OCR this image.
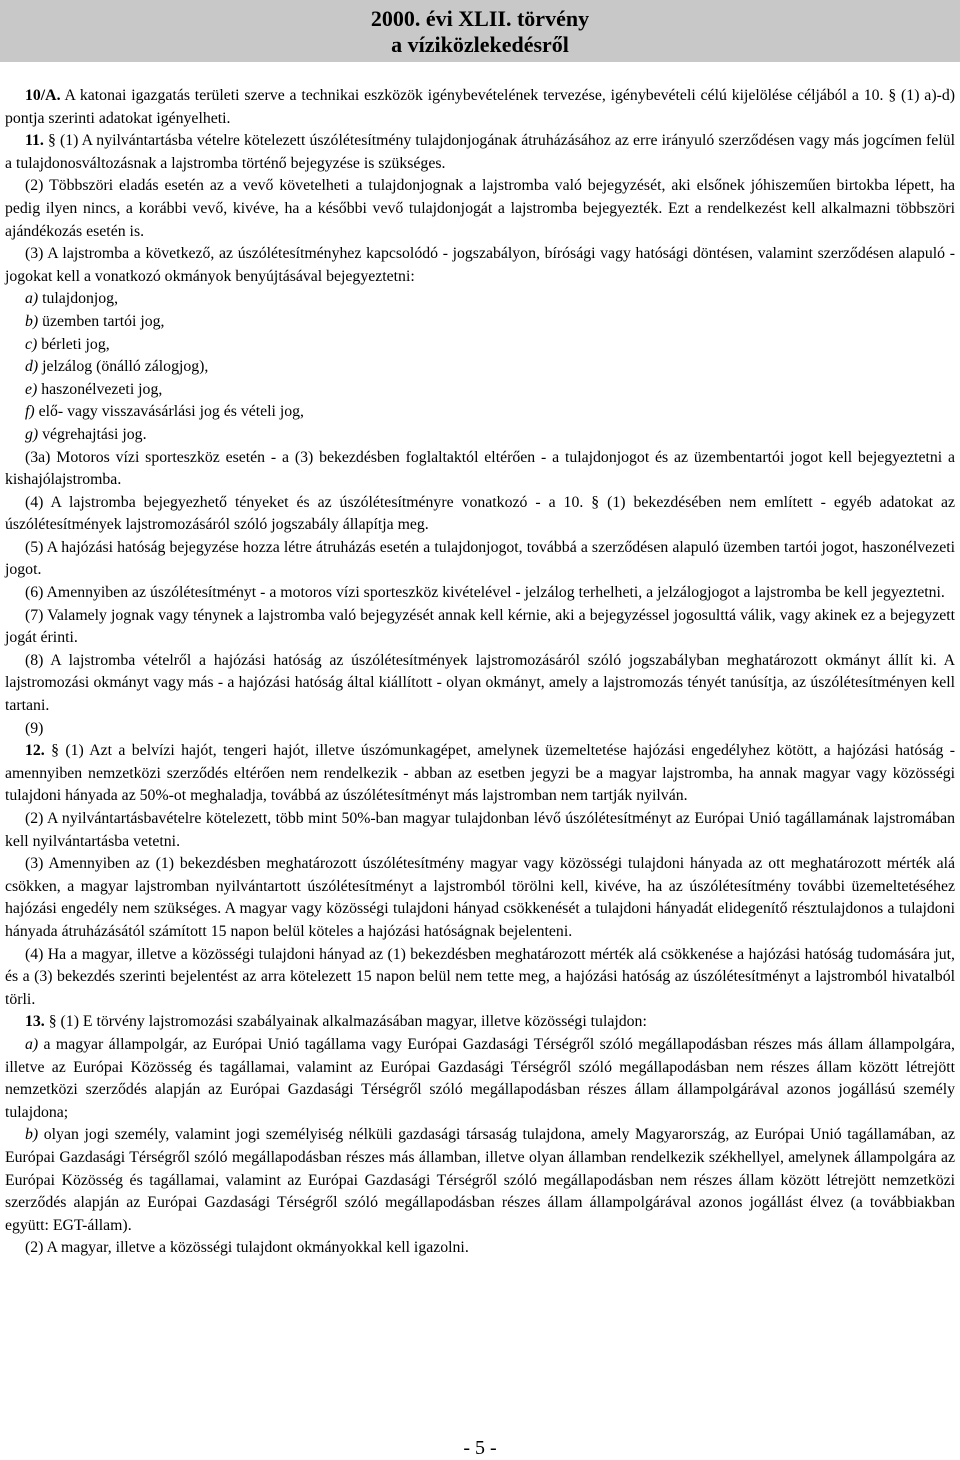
2000. évi XLII. törvény
a víziközlekedésről

10/A. A katonai igazgatás területi szerve a technikai eszközök igénybevételének tervezése, igénybevételi célú kijelölése céljából a 10. § (1) a)-d) pontja szerinti adatokat igényelheti.

11. § (1) A nyilvántartásba vételre kötelezett úszólétesítmény tulajdonjogának átruházásához az erre irányuló szerződésen vagy más jogcímen felül a tulajdonosváltozásnak a lajstromba történő bejegyzése is szükséges.

(2) Többszöri eladás esetén az a vevő követelheti a tulajdonjognak a lajstromba való bejegyzését, aki elsőnek jóhiszeműen birtokba lépett, ha pedig ilyen nincs, a korábbi vevő, kivéve, ha a későbbi vevő tulajdonjogát a lajstromba bejegyezték. Ezt a rendelkezést kell alkalmazni többszöri ajándékozás esetén is.

(3) A lajstromba a következő, az úszólétesítményhez kapcsolódó - jogszabályon, bírósági vagy hatósági döntésen, valamint szerződésen alapuló - jogokat kell a vonatkozó okmányok benyújtásával bejegyeztetni:

a) tulajdonjog,

b) üzemben tartói jog,

c) bérleti jog,

d) jelzálog (önálló zálogjog),

e) haszonélvezeti jog,

f) elő- vagy visszavásárlási jog és vételi jog,

g) végrehajtási jog.

(3a) Motoros vízi sporteszköz esetén - a (3) bekezdésben foglaltaktól eltérően - a tulajdonjogot és az üzembentartói jogot kell bejegyeztetni a kishajólajstromba.

(4) A lajstromba bejegyezhető tényeket és az úszólétesítményre vonatkozó - a 10. § (1) bekezdésében nem említett - egyéb adatokat az úszólétesítmények lajstromozásáról szóló jogszabály állapítja meg.

(5) A hajózási hatóság bejegyzése hozza létre átruházás esetén a tulajdonjogot, továbbá a szerződésen alapuló üzemben tartói jogot, haszonélvezeti jogot.

(6) Amennyiben az úszólétesítményt - a motoros vízi sporteszköz kivételével - jelzálog terhelheti, a jelzálogjogot a lajstromba be kell jegyeztetni.

(7) Valamely jognak vagy ténynek a lajstromba való bejegyzését annak kell kérnie, aki a bejegyzéssel jogosulttá válik, vagy akinek ez a bejegyzett jogát érinti.

(8) A lajstromba vételről a hajózási hatóság az úszólétesítmények lajstromozásáról szóló jogszabályban meghatározott okmányt állít ki. A lajstromozási okmányt vagy más - a hajózási hatóság által kiállított - olyan okmányt, amely a lajstromozás tényét tanúsítja, az úszólétesítményen kell tartani.

(9)

12. § (1) Azt a belvízi hajót, tengeri hajót, illetve úszómunkagépet, amelynek üzemeltetése hajózási engedélyhez kötött, a hajózási hatóság - amennyiben nemzetközi szerződés eltérően nem rendelkezik - abban az esetben jegyzi be a magyar lajstromba, ha annak magyar vagy közösségi tulajdoni hányada az 50%-ot meghaladja, továbbá az úszólétesítményt más lajstromban nem tartják nyilván.

(2) A nyilvántartásbavételre kötelezett, több mint 50%-ban magyar tulajdonban lévő úszólétesítményt az Európai Unió tagállamának lajstromában kell nyilvántartásba vetetni.

(3) Amennyiben az (1) bekezdésben meghatározott úszólétesítmény magyar vagy közösségi tulajdoni hányada az ott meghatározott mérték alá csökken, a magyar lajstromban nyilvántartott úszólétesítményt a lajstromból törölni kell, kivéve, ha az úszólétesítmény további üzemeltetéséhez hajózási engedély nem szükséges. A magyar vagy közösségi tulajdoni hányad csökkenését a tulajdoni hányadát elidegenítő résztulajdonos a tulajdoni hányada átruházásától számított 15 napon belül köteles a hajózási hatóságnak bejelenteni.

(4) Ha a magyar, illetve a közösségi tulajdoni hányad az (1) bekezdésben meghatározott mérték alá csökkenése a hajózási hatóság tudomására jut, és a (3) bekezdés szerinti bejelentést az arra kötelezett 15 napon belül nem tette meg, a hajózási hatóság az úszólétesítményt a lajstromból hivatalból törli.

13. § (1) E törvény lajstromozási szabályainak alkalmazásában magyar, illetve közösségi tulajdon:

a) a magyar állampolgár, az Európai Unió tagállama vagy Európai Gazdasági Térségről szóló megállapodásban részes más állam állampolgára, illetve az Európai Közösség és tagállamai, valamint az Európai Gazdasági Térségről szóló megállapodásban nem részes állam között létrejött nemzetközi szerződés alapján az Európai Gazdasági Térségről szóló megállapodásban részes állam állampolgárával azonos jogállású személy tulajdona;

b) olyan jogi személy, valamint jogi személyiség nélküli gazdasági társaság tulajdona, amely Magyarország, az Európai Unió tagállamában, az Európai Gazdasági Térségről szóló megállapodásban részes más államban, illetve olyan államban rendelkezik székhellyel, amelynek állampolgára az Európai Közösség és tagállamai, valamint az Európai Gazdasági Térségről szóló megállapodásban nem részes állam között létrejött nemzetközi szerződés alapján az Európai Gazdasági Térségről szóló megállapodásban részes állam állampolgárával azonos jogállást élvez (a továbbiakban együtt: EGT-állam).

(2) A magyar, illetve a közösségi tulajdont okmányokkal kell igazolni.

- 5 -
